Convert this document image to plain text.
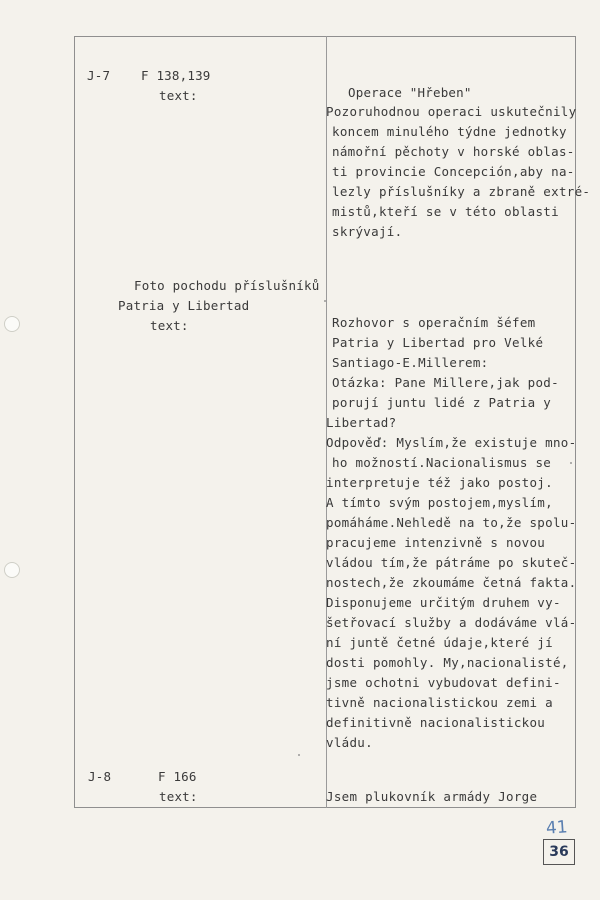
J-7 F 138,139
text:	Operace "Hřeben"
Pozoruhodnou operaci uskutečnily
koncem minulého týdne jednotky
námořní pěchoty v horské oblas-
ti provincie Concepción,aby na-
lezly příslušníky a zbraně extré-
mistů,kteří se v této oblasti
skrývají.
Foto pochodu příslušníků
Patria y Libertad
text:	Rozhovor s operačním šéfem
Patria y Libertad pro Velké
Santiago-E.Millerem:
Otázka: Pane Millere,jak pod-
porují juntu lidé z Patria y
Libertad?
Odpověď: Myslím,že existuje mno-
ho možností.Nacionalismus se
interpretuje též jako postoj.
A tímto svým postojem,myslím,
pomáháme.Nehledě na to,že spolu-
pracujeme intenzivně s novou
vládou tím,že pátráme po skuteč-
nostech,že zkoumáme četná fakta.
Disponujeme určitým druhem vy-
šetřovací služby a dodáváme vlá-
ní juntě četné údaje,které jí
dosti pomohly. My,nacionalisté,
jsme ochotni vybudovat defini-
tivně nacionalistickou zemi a
definitivně nacionalistickou
vládu.
J-8	F 166
text:	Jsem plukovník armády Jorge
41
36
